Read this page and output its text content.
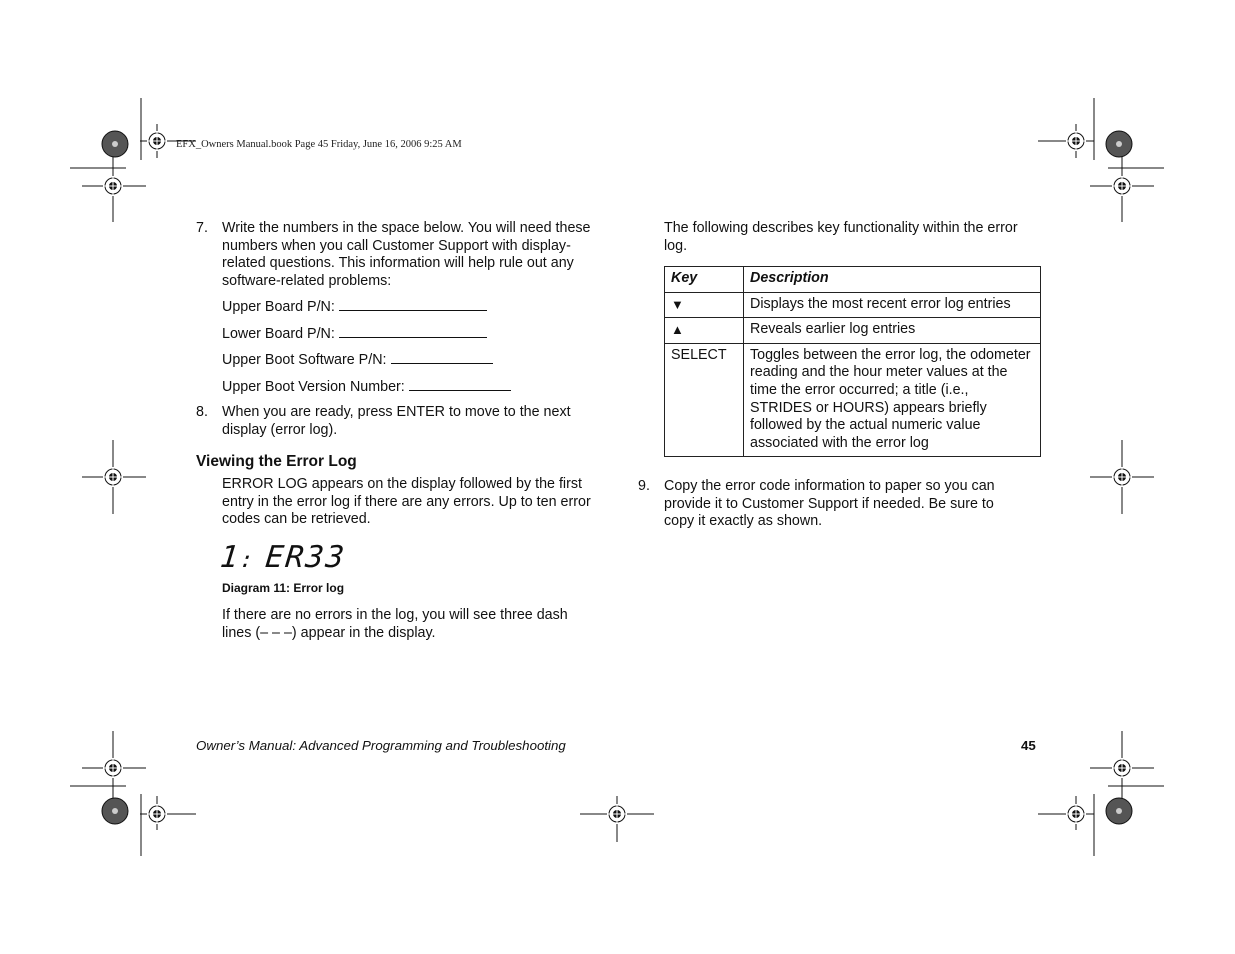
EFX_Owners Manual.book Page 45 Friday, June 16, 2006 9:25 AM
7. Write the numbers in the space below. You will need these numbers when you call Customer Support with display-related questions. This information will help rule out any software-related problems:
Upper Board P/N:
Lower Board P/N:
Upper Boot Software P/N:
Upper Boot Version Number:
8. When you are ready, press ENTER to move to the next display (error log).
Viewing the Error Log
ERROR LOG appears on the display followed by the first entry in the error log if there are any errors. Up to ten error codes can be retrieved.
1: ER33
Diagram 11: Error log
If there are no errors in the log, you will see three dash lines (– – –) appear in the display.
The following describes key functionality within the error log.
Key	Description
▼	Displays the most recent error log entries
▲	Reveals earlier log entries
SELECT	Toggles between the error log, the odometer reading and the hour meter values at the time the error occurred; a title (i.e., STRIDES or HOURS) appears briefly followed by the actual numeric value associated with the error log
9. Copy the error code information to paper so you can provide it to Customer Support if needed. Be sure to copy it exactly as shown.
Owner’s Manual: Advanced Programming and Troubleshooting	45
